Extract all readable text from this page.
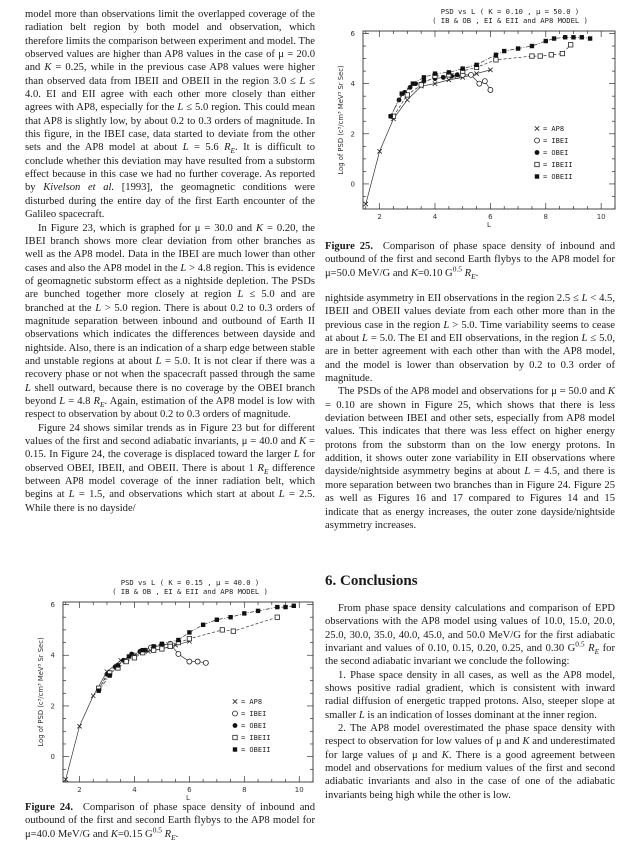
model more than observations limit the overlapped coverage of the radiation belt region by both model and observation, which therefore limits the comparison between experiment and model. The observed values are higher than AP8 values in the case of μ = 20.0 and K = 0.25, while in the previous case AP8 values were higher than observed data from IBEII and OBEII in the region 3.0 ≤ L ≤ 4.0. EI and EII agree with each other more closely than either agrees with AP8, especially for the L ≤ 5.0 region. This could mean that AP8 is slightly low, by about 0.2 to 0.3 orders of magnitude. In this figure, in the IBEI case, data started to deviate from the other sets and the AP8 model at about L = 5.6 $R_E$. It is difficult to conclude whether this deviation may have resulted from a substorm effect because in this case we had no further coverage. As reported by Kivelson et al. [1993], the geomagnetic conditions were disturbed during the entire day of the first Earth encounter of the Galileo spacecraft.

In Figure 23, which is graphed for μ = 30.0 and K = 0.20, the IBEI branch shows more clear deviation from other branches as well as the AP8 model. Data in the IBEI are much lower than other cases and also the AP8 model in the L > 4.8 region. This is evidence of geomagnetic substorm effect as a nightside depletion. The PSDs are bunched together more closely at region L ≤ 5.0 and are branched at the L > 5.0 region. There is about 0.2 to 0.3 orders of magnitude separation between inbound and outbound of Earth II observations which indicates the differences between dayside and nightside. Also, there is an indication of a sharp edge between stable and unstable regions at about L = 5.0. It is not clear if there was a recovery phase or not when the spacecraft passed through the same L shell outward, because there is no coverage by the OBEI branch beyond L = 4.8 $R_E$. Again, estimation of the AP8 model is low with respect to observation by about 0.2 to 0.3 orders of magnitude.

Figure 24 shows similar trends as in Figure 23 but for different values of the first and second adiabatic invariants, μ = 40.0 and K = 0.15. In Figure 24, the coverage is displaced toward the larger L for observed OBEI, IBEII, and OBEII. There is about 1 $R_E$ difference between AP8 model coverage of the inner radiation belt, which begins at L = 1.5, and observations which start at about L = 2.5. While there is no dayside/

PSD vs L ( K = 0.10 , μ = 50.0 )
( IB & OB , EI & EII and AP8 MODEL )
2	4	6	8	10
0
2
4
6
L
Log of PSD (c³/cm³ MeV³ Sr Sec)	= AP8
= IBEI
= OBEI
= IBEII
= OBEII
Figure 25.  Comparison of phase space density of inbound and outbound of the first and second Earth flybys to the AP8 model for μ=50.0 MeV/G and K=0.10 $G^{0.5}$ $R_E$.

nightside asymmetry in EII observations in the region 2.5 ≤ L < 4.5, IBEII and OBEII values deviate from each other more than in the previous case in the region L > 5.0. Time variability seems to cease at about L = 5.0. The EI and EII observations, in the region L ≤ 5.0, are in better agreement with each other than with the AP8 model, and the model is lower than observation by 0.2 to 0.3 order of magnitude.

The PSDs of the AP8 model and observations for μ = 50.0 and K = 0.10 are shown in Figure 25, which shows that there is less deviation between IBEI and other sets, especially from AP8 model values. This indicates that there was less effect on higher energy protons from the substorm than on the low energy protons. In addition, it shows outer zone variability in EII observations where dayside/nightside asymmetry begins at about L = 4.5, and there is more separation between two branches than in Figure 24. Figure 25 as well as Figures 16 and 17 compared to Figures 14 and 15 indicate that as energy increases, the outer zone dayside/nightside asymmetry increases.

6. Conclusions

From phase space density calculations and comparison of EPD observations with the AP8 model using values of 10.0, 15.0, 20.0, 25.0, 30.0, 35.0, 40.0, 45.0, and 50.0 MeV/G for the first adiabatic invariant and values of 0.10, 0.15, 0.20, 0.25, and 0.30 $G^{0.5}$ $R_E$ for the second adiabatic invariant we conclude the following:

1. Phase space density in all cases, as well as the AP8 model, shows positive radial gradient, which is consistent with inward radial diffusion of energetic trapped protons. Also, steeper slope at smaller L is an indication of losses dominant at the inner region.

2. The AP8 model overestimated the phase space density with respect to observation for low values of μ and K and underestimated for large values of μ and K. There is a good agreement between model and observations for medium values of the first and second adiabatic invariants and also in the case of one of the adiabatic invariants being high while the other is low.

PSD vs L ( K = 0.15 , μ = 40.0 )
( IB & OB , EI & EII and AP8 MODEL )
2	4	6	8	10
0
2
4
6
L
Log of PSD (c³/cm³ MeV³ Sr Sec)	= AP8
= IBEI
= OBEI
= IBEII
= OBEII
Figure 24.  Comparison of phase space density of inbound and outbound of the first and second Earth flybys to the AP8 model for μ=40.0 MeV/G and K=0.15 $G^{0.5}$ $R_E$.
